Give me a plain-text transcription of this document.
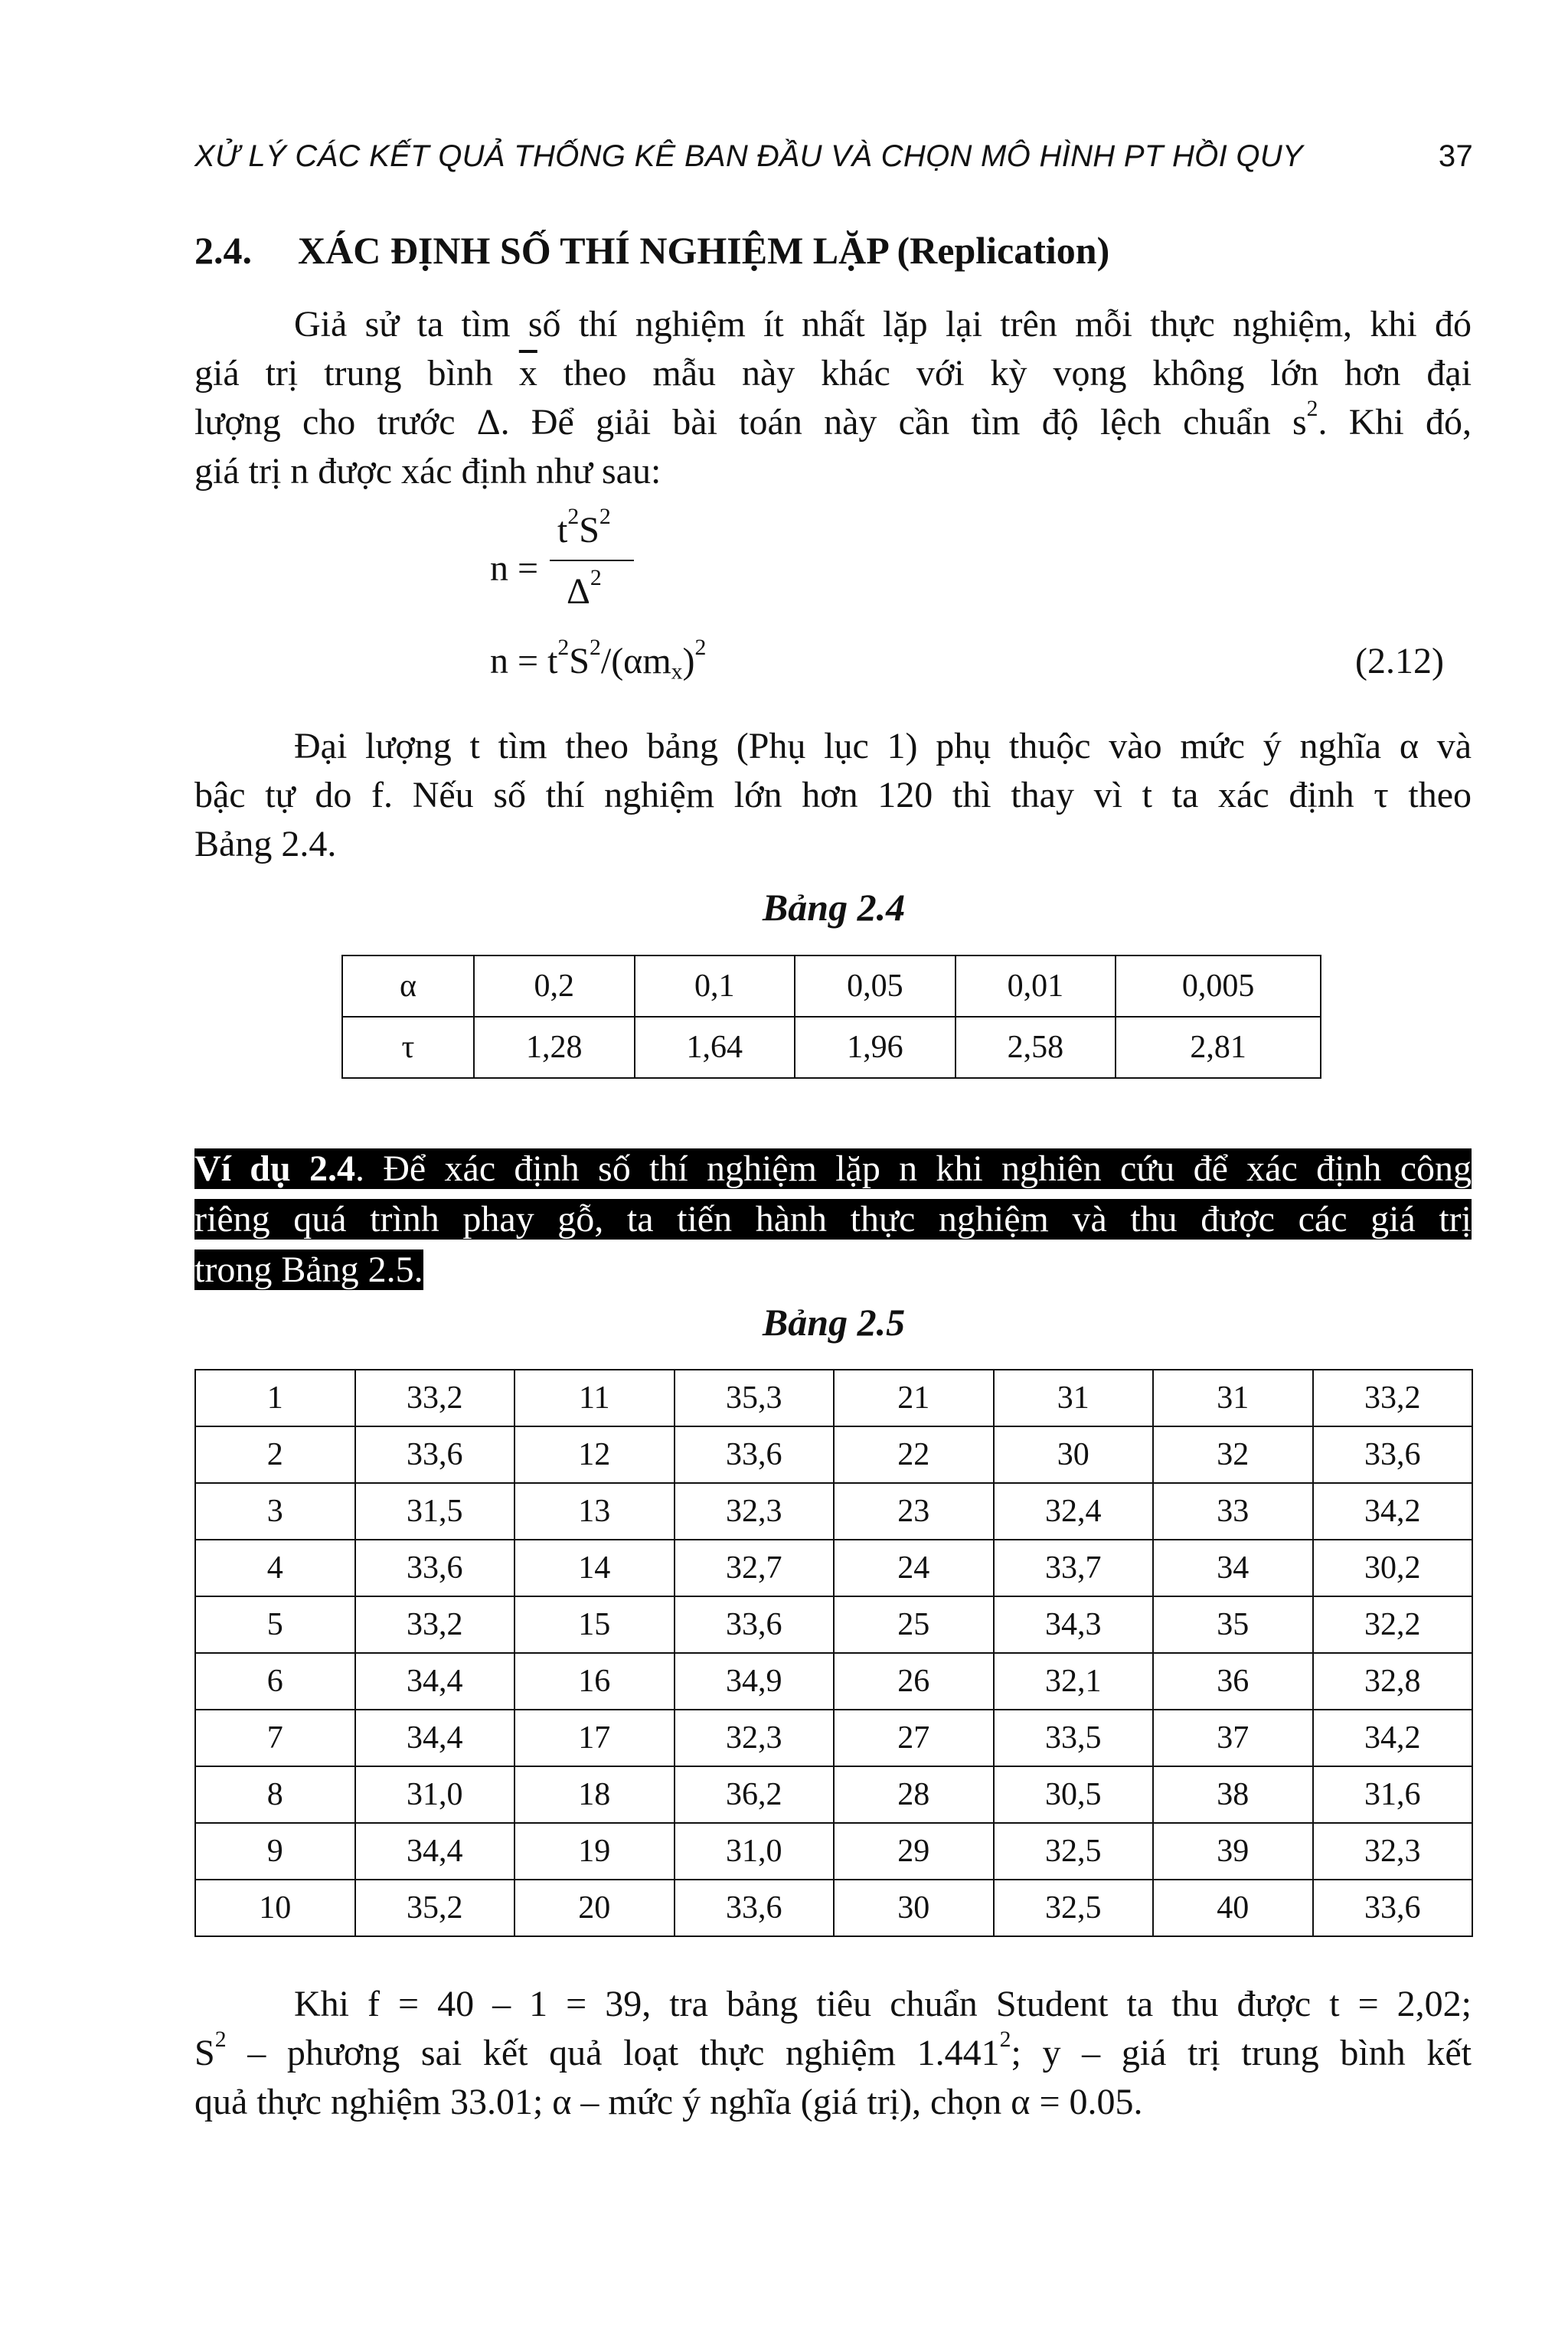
XỬ LÝ CÁC KẾT QUẢ THỐNG KÊ BAN ĐẦU VÀ CHỌN MÔ HÌNH PT HỒI QUY	37
2.4. XÁC ĐỊNH SỐ THÍ NGHIỆM LẶP (Replication)

Giả sử ta tìm số thí nghiệm ít nhất lặp lại trên mỗi thực nghiệm, khi đó

giá trị trung bình $\overline{x}$ theo mẫu này khác với kỳ vọng không lớn hơn đại

lượng cho trước Δ. Để giải bài toán này cần tìm độ lệch chuẩn $s^2$. Khi đó,

giá trị n được xác định như sau:

n =
$t^2S^2$
$\Delta^2$
$n = t^2S^2/(\alpha m_x)^2$	(2.12)

Đại lượng t tìm theo bảng (Phụ lục 1) phụ thuộc vào mức ý nghĩa α và

bậc tự do f. Nếu số thí nghiệm lớn hơn 120 thì thay vì t ta xác định τ theo

Bảng 2.4.

Bảng 2.4
α	0,2	0,1	0,05	0,01	0,005
τ	1,28	1,64	1,96	2,58	2,81
Ví dụ 2.4. Để xác định số thí nghiệm lặp n khi nghiên cứu để xác định công
riêng quá trình phay gỗ, ta tiến hành thực nghiệm và thu được các giá trị
trong Bảng 2.5.
Bảng 2.5
1	33,2	11	35,3	21	31	31	33,2
2	33,6	12	33,6	22	30	32	33,6
3	31,5	13	32,3	23	32,4	33	34,2
4	33,6	14	32,7	24	33,7	34	30,2
5	33,2	15	33,6	25	34,3	35	32,2
6	34,4	16	34,9	26	32,1	36	32,8
7	34,4	17	32,3	27	33,5	37	34,2
8	31,0	18	36,2	28	30,5	38	31,6
9	34,4	19	31,0	29	32,5	39	32,3
10	35,2	20	33,6	30	32,5	40	33,6

Khi f = 40 – 1 = 39, tra bảng tiêu chuẩn Student ta thu được t = 2,02;

$S^2$ – phương sai kết quả loạt thực nghiệm 1.441$^2$; y – giá trị trung bình kết

quả thực nghiệm 33.01; α – mức ý nghĩa (giá trị), chọn α = 0.05.
